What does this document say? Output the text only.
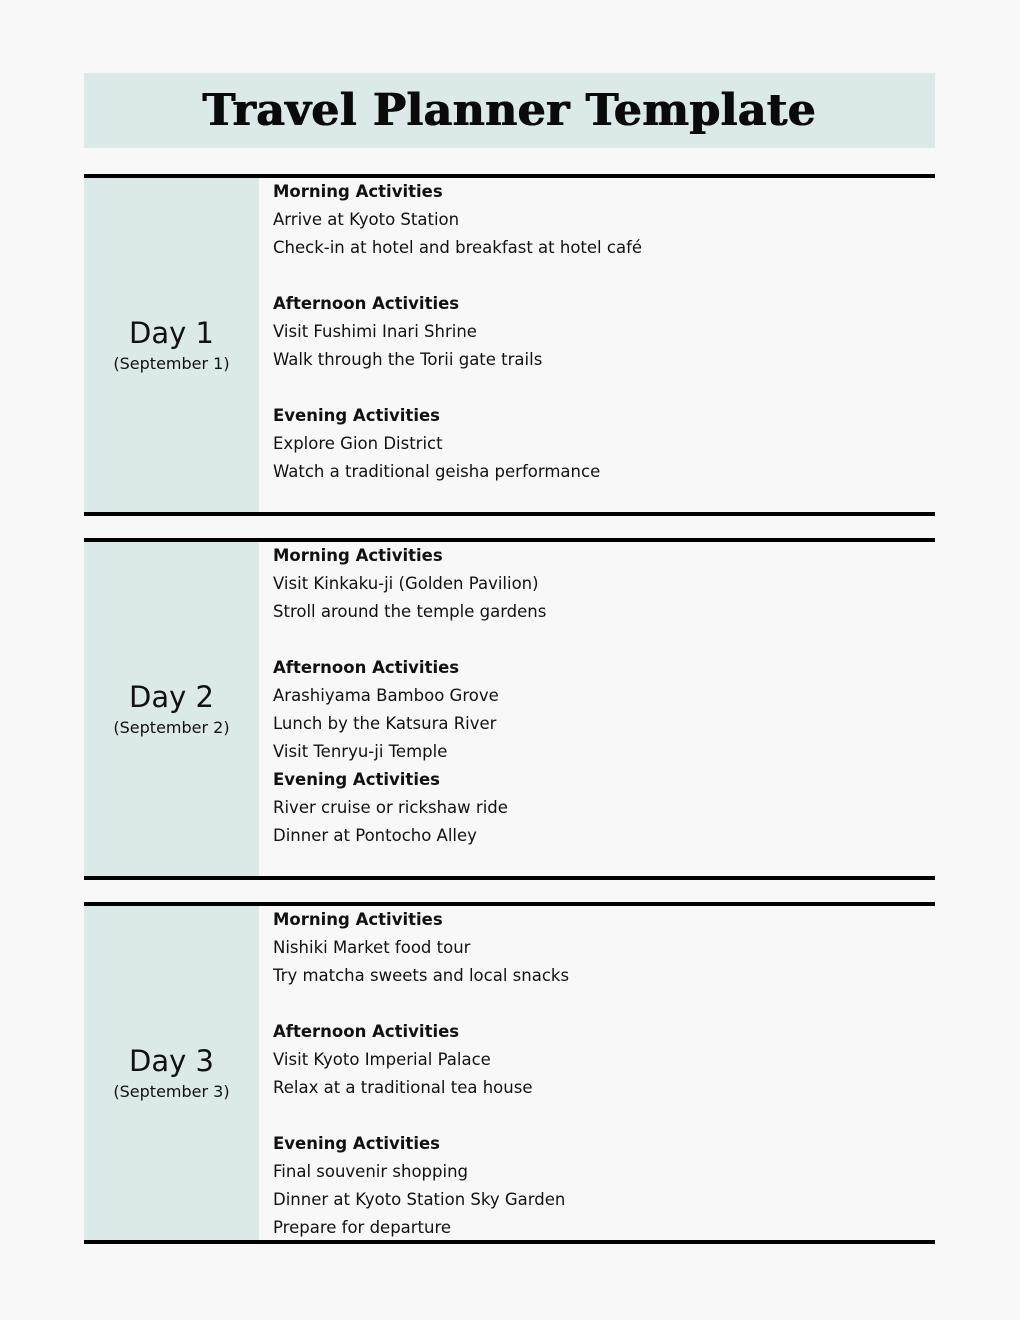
Travel Planner Template
Day 1
(September 1)
Morning Activities
Arrive at Kyoto Station
Check-in at hotel and breakfast at hotel café
Afternoon Activities
Visit Fushimi Inari Shrine
Walk through the Torii gate trails
Evening Activities
Explore Gion District
Watch a traditional geisha performance
Day 2
(September 2)
Morning Activities
Visit Kinkaku-ji (Golden Pavilion)
Stroll around the temple gardens
Afternoon Activities
Arashiyama Bamboo Grove
Lunch by the Katsura River
Visit Tenryu-ji Temple
Evening Activities
River cruise or rickshaw ride
Dinner at Pontocho Alley
Day 3
(September 3)
Morning Activities
Nishiki Market food tour
Try matcha sweets and local snacks
Afternoon Activities
Visit Kyoto Imperial Palace
Relax at a traditional tea house
Evening Activities
Final souvenir shopping
Dinner at Kyoto Station Sky Garden
Prepare for departure
